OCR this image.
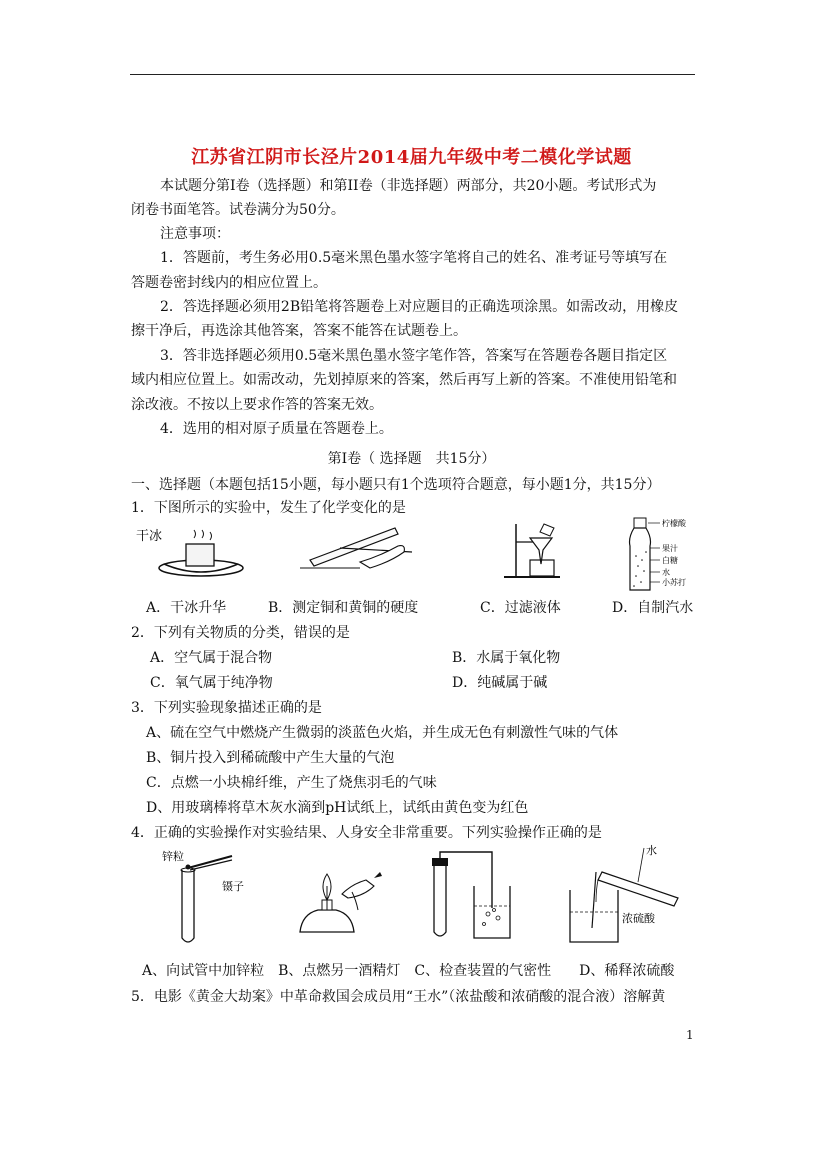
江苏省江阴市长泾片2014届九年级中考二模化学试题
本试题分第I卷（选择题）和第II卷（非选择题）两部分，共20小题。考试形式为
闭卷书面笔答。试卷满分为50分。
注意事项：
1．答题前，考生务必用0.5毫米黑色墨水签字笔将自己的姓名、准考证号等填写在
答题卷密封线内的相应位置上。
2．答选择题必须用2B铅笔将答题卷上对应题目的正确选项涂黑。如需改动，用橡皮
擦干净后，再选涂其他答案，答案不能答在试题卷上。
3．答非选择题必须用0.5毫米黑色墨水签字笔作答，答案写在答题卷各题目指定区
域内相应位置上。如需改动，先划掉原来的答案，然后再写上新的答案。不准使用铅笔和
涂改液。不按以上要求作答的答案无效。
4．选用的相对原子质量在答题卷上。
第Ⅰ卷（ 选择题　共15分）
一、选择题（本题包括15小题，每小题只有1个选项符合题意，每小题1分，共15分）
1．下图所示的实验中，发生了化学变化的是
干冰
柠檬酸
果汁
白糖
水
小苏打
A．干冰升华	B．测定铜和黄铜的硬度	C．过滤液体	D．自制汽水
2．下列有关物质的分类，错误的是
A．空气属于混合物	B．水属于氧化物
C．氧气属于纯净物	D．纯碱属于碱
3．下列实验现象描述正确的是
A、硫在空气中燃烧产生微弱的淡蓝色火焰，并生成无色有刺激性气味的气体
B、铜片投入到稀硫酸中产生大量的气泡
C．点燃一小块棉纤维，产生了烧焦羽毛的气味
D、用玻璃棒将草木灰水滴到pH试纸上，试纸由黄色变为红色
4．正确的实验操作对实验结果、人身安全非常重要。下列实验操作正确的是
锌粒
镊子
水
浓硫酸
A、向试管中加锌粒　B、点燃另一酒精灯　C、检查装置的气密性　　D、稀释浓硫酸
5．电影《黄金大劫案》中革命救国会成员用“王水”（浓盐酸和浓硝酸的混合液）溶解黄
1
